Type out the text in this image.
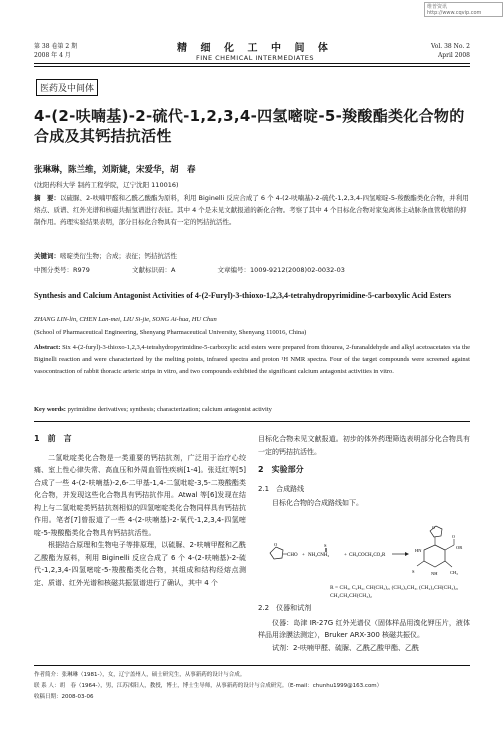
维普资讯 http://www.cqvip.com
第 38 卷第 2 期
2008 年 4 月
精 细 化 工 中 间 体
FINE CHEMICAL INTERMEDIATES
Vol. 38 No. 2
April 2008
医药及中间体
4-(2-呋喃基)-2-硫代-1,2,3,4-四氢嘧啶-5-羧酸酯类化合物的合成及其钙拮抗活性
张琳琳，陈兰维，刘斯婕，宋爱华，胡　春
(沈阳药科大学 制药工程学院，辽宁沈阳 110016)
摘　要：以硫脲、2-呋喃甲醛和乙酰乙酸酯为原料，利用 Biginelli 反应合成了 6 个 4-(2-呋喃基)-2-硫代-1,2,3,4-四氢嘧啶-5-羧酸酯类化合物，并利用熔点、质谱、红外光谱和核磁共振氢谱进行表征。其中 4 个是未见文献报道的新化合物。考察了其中 4 个目标化合物对家兔离体主动脉条血管收缩的抑制作用。药理实验结果表明，部分目标化合物具有一定的钙拮抗活性。
关键词：嘧啶类衍生物；合成；表征；钙拮抗活性
中图分类号：R979	文献标识码：A	文章编号：1009-9212(2008)02-0032-03
Synthesis and Calcium Antagonist Activities of 4-(2-Furyl)-3-thioxo-1,2,3,4-tetrahydropyrimidine-5-carboxylic Acid Esters
ZHANG LIN-lin, CHEN Lan-mei, LIU Si-jie, SONG Ai-hua, HU Chun
(School of Pharmaceutical Engineering, Shenyang Pharmaceutical University, Shenyang 110016, China)
Abstract: Six 4-(2-furyl)-3-thioxo-1,2,3,4-tetrahydropyrimidine-5-carboxylic acid esters were prepared from thiourea, 2-furanaldehyde and alkyl acetoacetates via the Biginelli reaction and were characterized by the melting points, infrared spectra and proton ¹H NMR spectra. Four of the target compounds were screened against vasocontraction of rabbit thoracic arteric strips in vitro, and two compounds exhibited the significant calcium antagonist activities in vitro.
Key words: pyrimidine derivatives; synthesis; characterization; calcium antagonist activity
1　前　言

二氢吡啶类化合物是一类重要的钙拮抗剂，广泛用于治疗心绞痛、室上性心律失常、高血压和外周血管性疾病[1-4]。张廷红等[5]合成了一些 4-(2-呋喃基)-2,6-二甲基-1,4-二氢吡啶-3,5-二羧酸酯类化合物，并发现这些化合物具有钙拮抗作用。Atwal 等[6]发现在结构上与二氢吡啶类钙拮抗剂相似的四氢嘧啶类化合物同样具有钙拮抗作用。笔者[7]曾报道了一些 4-(2-呋喃基)-2-氧代-1,2,3,4-四氢嘧啶-5-羧酸酯类化合物具有钙拮抗活性。

根据结合原理和生物电子等排原理，以硫脲、2-呋喃甲醛和乙酰乙酸酯为原料，利用 Biginelli 反应合成了 6 个 4-(2-呋喃基)-2-硫代-1,2,3,4-四氢嘧啶-5-羧酸酯类化合物，其组成和结构经熔点测定、质谱、红外光谱和核磁共振氢谱进行了确认，其中 4 个

目标化合物未见文献报道。初步的体外药理筛选表明部分化合物具有一定的钙拮抗活性。

2　实验部分
2.1　合成路线

目标化合物的合成路线如下。

O
CHO +
S
NH₂CNH₂	+ CH₃COCH₂CO₂R
O
O
OR
CH₃
S
HN
NH
R = CH₃, C₂H₅, CH(CH₃)₂, (CH₂)₃CH₃, (CH₂)₂CH(CH₃)₂, CH₂CH₂CH(CH₃)₂
2.2　仪器和试剂

仪器：岛津 IR-27G 红外光谱仪（固体样品用溴化钾压片，液体样品用涂膜法测定），Bruker ARX-300 核磁共振仪。

试剂：2-呋喃甲醛、硫脲、乙酰乙酸甲酯、乙酰

作者简介：张琳琳（1981-），女，辽宁盖州人，硕士研究生，从事新药的设计与合成。
联 系 人：胡　春（1964-），男，江苏沭阳人，教授，博士，博士生导师，从事新药的设计与合成研究。（E-mail：chunhu1999@163.com）
收稿日期：2008-03-06
